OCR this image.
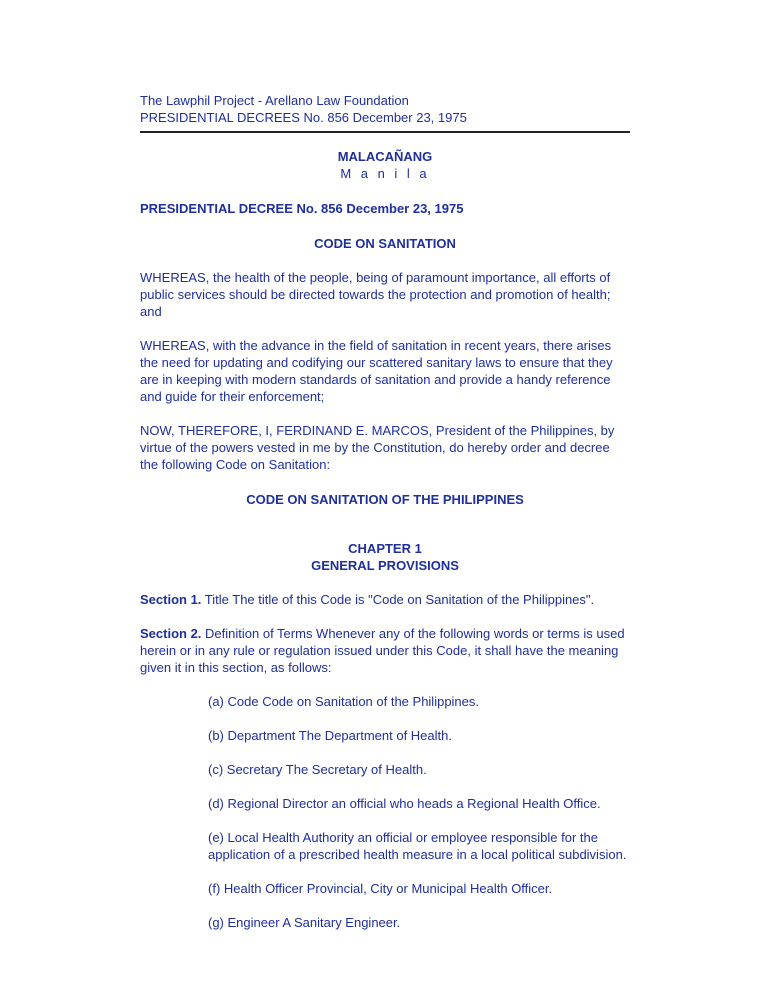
The Lawphil Project - Arellano Law Foundation
PRESIDENTIAL DECREES No. 856 December 23, 1975
MALACAÑANG
M a n i l a
PRESIDENTIAL DECREE No. 856 December 23, 1975
CODE ON SANITATION

WHEREAS, the health of the people, being of paramount importance, all efforts of public services should be directed towards the protection and promotion of health; and

WHEREAS, with the advance in the field of sanitation in recent years, there arises the need for updating and codifying our scattered sanitary laws to ensure that they are in keeping with modern standards of sanitation and provide a handy reference and guide for their enforcement;

NOW, THEREFORE, I, FERDINAND E. MARCOS, President of the Philippines, by virtue of the powers vested in me by the Constitution, do hereby order and decree the following Code on Sanitation:

CODE ON SANITATION OF THE PHILIPPINES
CHAPTER 1
GENERAL PROVISIONS

Section 1. Title The title of this Code is "Code on Sanitation of the Philippines".

Section 2. Definition of Terms Whenever any of the following words or terms is used herein or in any rule or regulation issued under this Code, it shall have the meaning given it in this section, as follows:

(a) Code Code on Sanitation of the Philippines.

(b) Department The Department of Health.

(c) Secretary The Secretary of Health.

(d) Regional Director an official who heads a Regional Health Office.

(e) Local Health Authority an official or employee responsible for the application of a prescribed health measure in a local political subdivision.

(f) Health Officer Provincial, City or Municipal Health Officer.

(g) Engineer A Sanitary Engineer.
